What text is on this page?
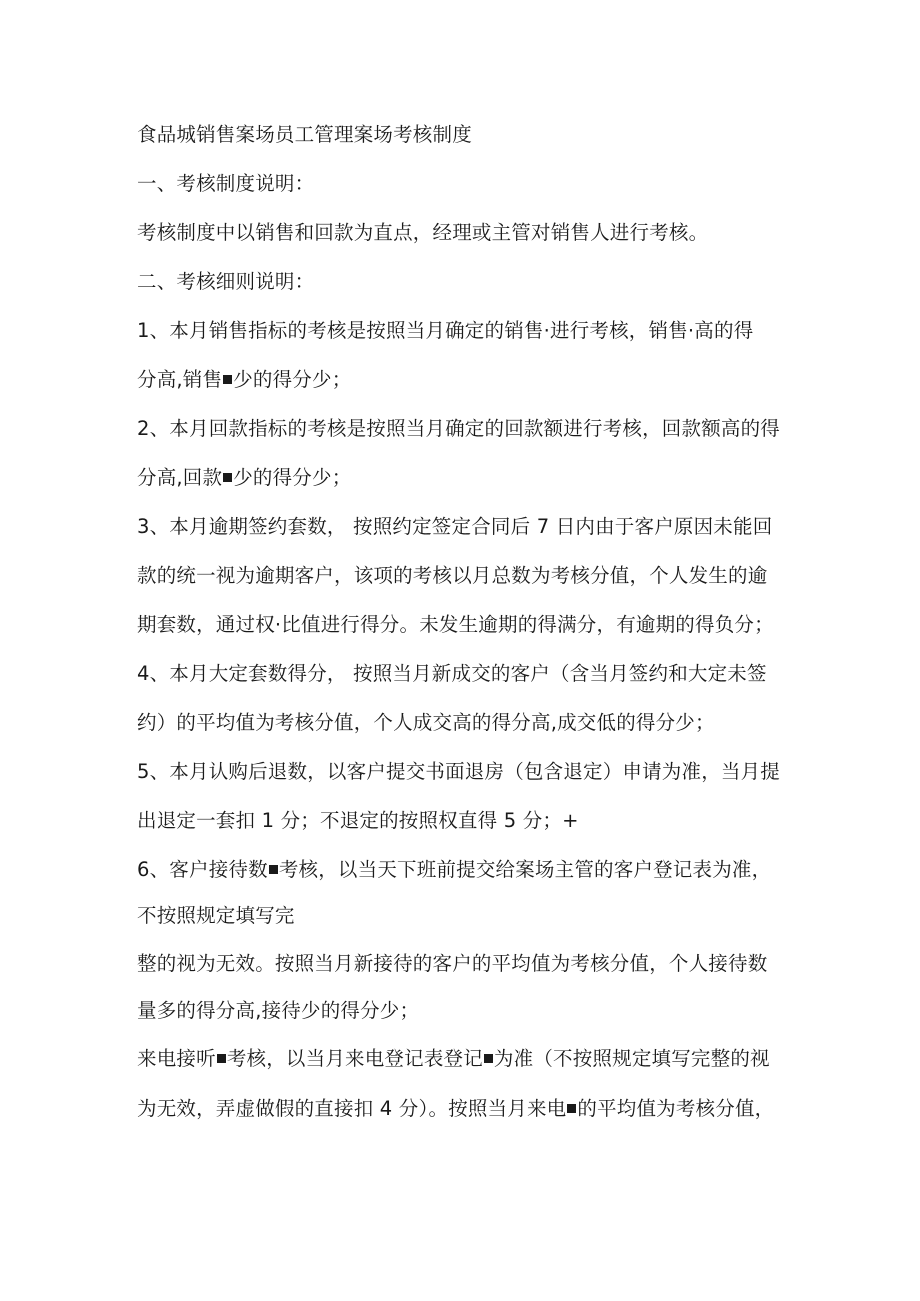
食品城销售案场员工管理案场考核制度
一、考核制度说明：
考核制度中以销售和回款为直点，经理或主管对销售人进行考核。
二、考核细则说明：
1、本月销售指标的考核是按照当月确定的销售·进行考核，销售·高的得
分高,销售 少的得分少；
2、本月回款指标的考核是按照当月确定的回款额进行考核，回款额高的得
分高,回款 少的得分少；
3、本月逾期签约套数， 按照约定签定合同后 7 日内由于客户原因未能回
款的统一视为逾期客户，该项的考核以月总数为考核分值，个人发生的逾
期套数，通过权·比值进行得分。未发生逾期的得满分，有逾期的得负分；
4、本月大定套数得分， 按照当月新成交的客户（含当月签约和大定未签
约）的平均值为考核分值，个人成交高的得分高,成交低的得分少；
5、本月认购后退数，以客户提交书面退房（包含退定）申请为准，当月提
出退定一套扣 1 分；不退定的按照权直得 5 分；+
6、客户接待数 考核，以当天下班前提交给案场主管的客户登记表为准，
不按照规定填写完
整的视为无效。按照当月新接待的客户的平均值为考核分值，个人接待数
量多的得分高,接待少的得分少；
来电接听 考核，以当月来电登记表登记 为准（不按照规定填写完整的视
为无效，弄虚做假的直接扣 4 分）。按照当月来电 的平均值为考核分值，
